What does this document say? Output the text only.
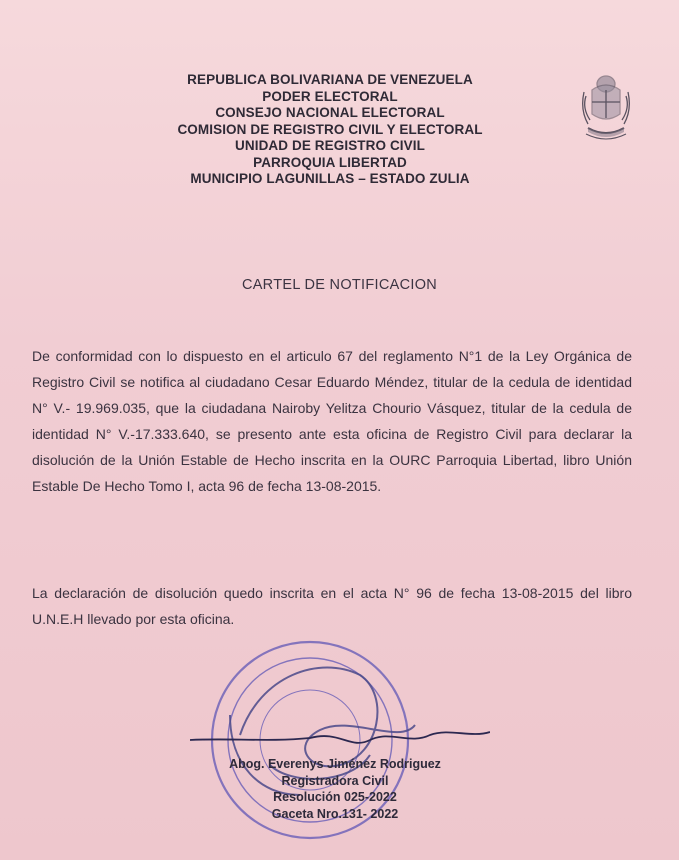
REPUBLICA BOLIVARIANA DE VENEZUELA
PODER ELECTORAL
CONSEJO NACIONAL ELECTORAL
COMISION DE REGISTRO CIVIL Y ELECTORAL
UNIDAD DE REGISTRO CIVIL
PARROQUIA LIBERTAD
MUNICIPIO LAGUNILLAS – ESTADO ZULIA
CARTEL DE NOTIFICACION

De conformidad con lo dispuesto en el articulo 67 del reglamento N°1 de la Ley Orgánica de Registro Civil se notifica al ciudadano Cesar Eduardo Méndez, titular de la cedula de identidad N° V.- 19.969.035, que la ciudadana Nairoby Yelitza Chourio Vásquez, titular de la cedula de identidad N° V.-17.333.640, se presento ante esta oficina de Registro Civil para declarar la disolución de la Unión Estable de Hecho inscrita en la OURC Parroquia Libertad, libro Unión Estable De Hecho Tomo I, acta 96 de fecha 13-08-2015.

La declaración de disolución quedo inscrita en el acta N° 96 de fecha 13-08-2015 del libro U.N.E.H llevado por esta oficina.

Abog. Everenys Jiménez Rodriguez
Registradora Civil
Resolución 025-2022
Gaceta Nro.131- 2022
